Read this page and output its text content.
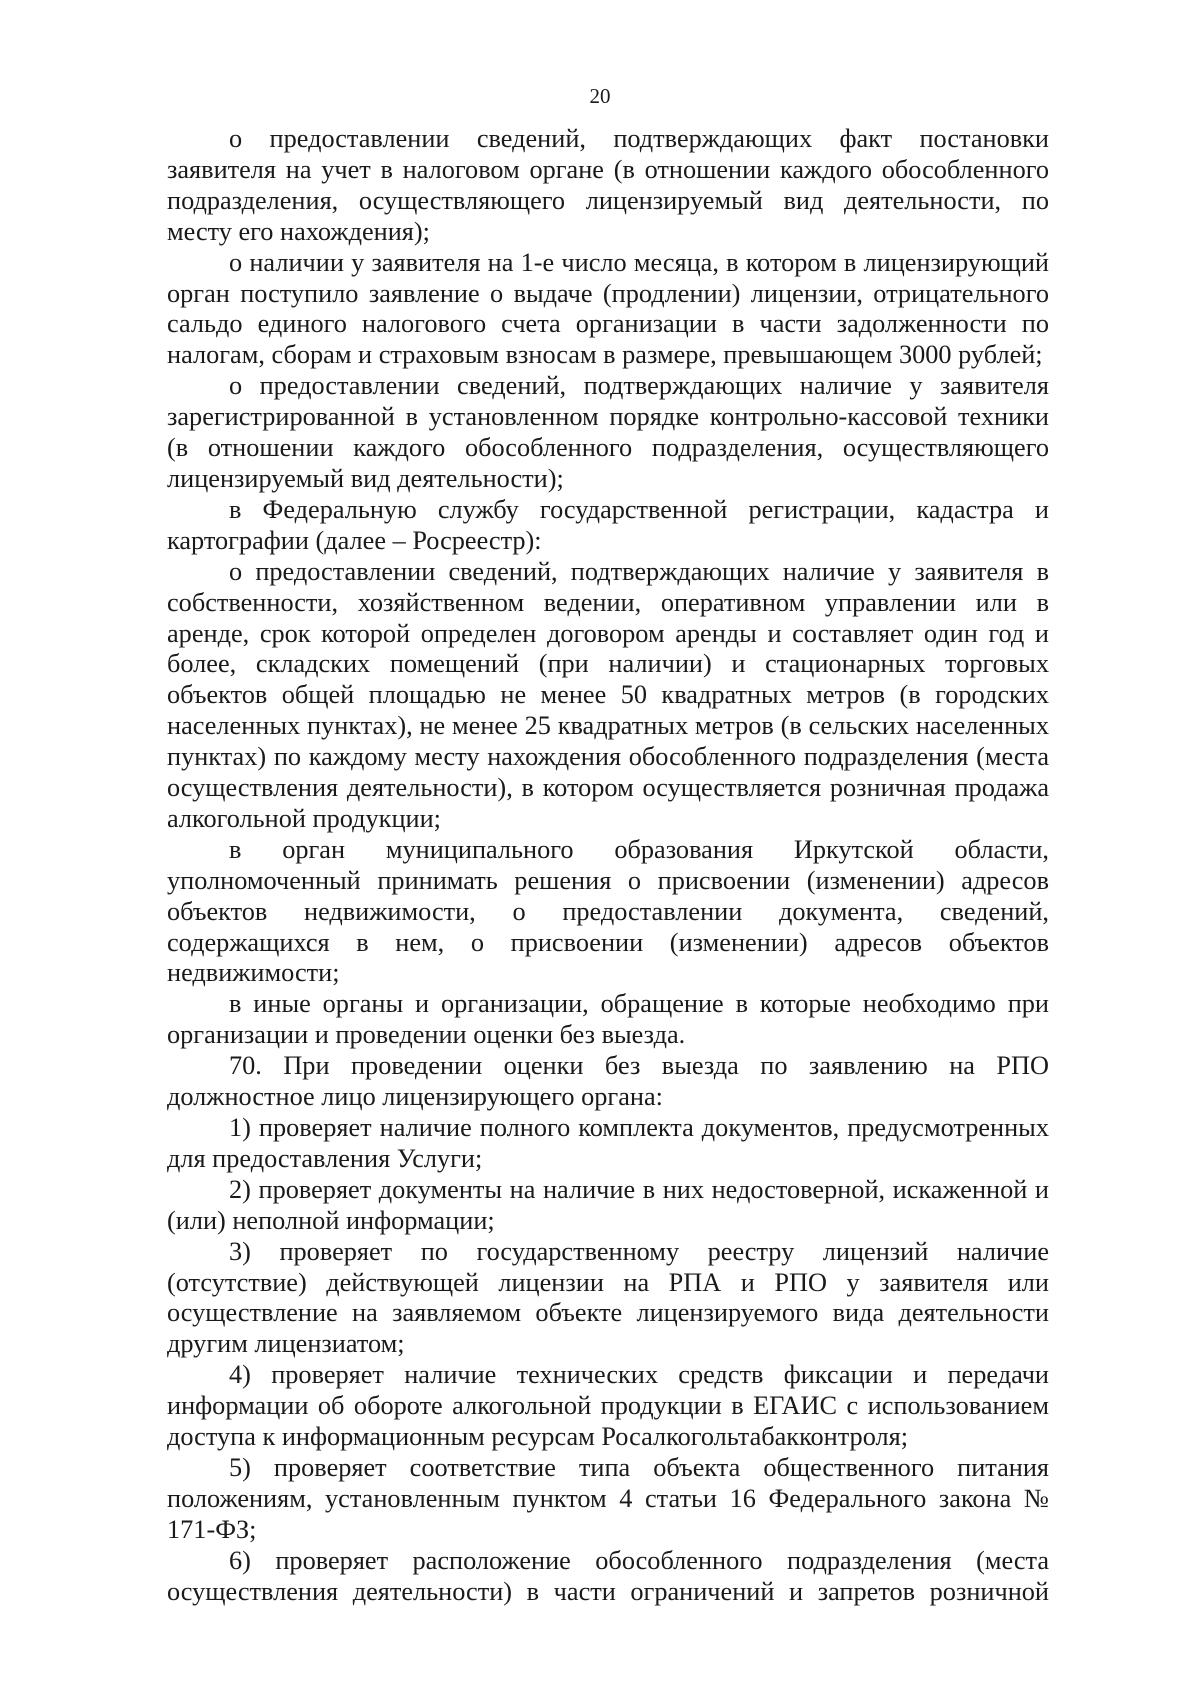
20

о предоставлении сведений, подтверждающих факт постановки заявителя на учет в налоговом органе (в отношении каждого обособленного подразделения, осуществляющего лицензируемый вид деятельности, по месту его нахождения);

о наличии у заявителя на 1-е число месяца, в котором в лицензирующий орган поступило заявление о выдаче (продлении) лицензии, отрицательного сальдо единого налогового счета организации в части задолженности по налогам, сборам и страховым взносам в размере, превышающем 3000 рублей;

о предоставлении сведений, подтверждающих наличие у заявителя зарегистрированной в установленном порядке контрольно-кассовой техники (в отношении каждого обособленного подразделения, осуществляющего лицензируемый вид деятельности);

в Федеральную службу государственной регистрации, кадастра и картографии (далее – Росреестр):

о предоставлении сведений, подтверждающих наличие у заявителя в собственности, хозяйственном ведении, оперативном управлении или в аренде, срок которой определен договором аренды и составляет один год и более, складских помещений (при наличии) и стационарных торговых объектов общей площадью не менее 50 квадратных метров (в городских населенных пунктах), не менее 25 квадратных метров (в сельских населенных пунктах) по каждому месту нахождения обособленного подразделения (места осуществления деятельности), в котором осуществляется розничная продажа алкогольной продукции;

в орган муниципального образования Иркутской области, уполномоченный принимать решения о присвоении (изменении) адресов объектов недвижимости, о предоставлении документа, сведений, содержащихся в нем, о присвоении (изменении) адресов объектов недвижимости;

в иные органы и организации, обращение в которые необходимо при организации и проведении оценки без выезда.

70. При проведении оценки без выезда по заявлению на РПО должностное лицо лицензирующего органа:

1) проверяет наличие полного комплекта документов, предусмотренных для предоставления Услуги;

2) проверяет документы на наличие в них недостоверной, искаженной и (или) неполной информации;

3) проверяет по государственному реестру лицензий наличие (отсутствие) действующей лицензии на РПА и РПО у заявителя или осуществление на заявляемом объекте лицензируемого вида деятельности другим лицензиатом;

4) проверяет наличие технических средств фиксации и передачи информации об обороте алкогольной продукции в ЕГАИС с использованием доступа к информационным ресурсам Росалкогольтабакконтроля;

5) проверяет соответствие типа объекта общественного питания положениям, установленным пунктом 4 статьи 16 Федерального закона № 171-ФЗ;

6) проверяет расположение обособленного подразделения (места осуществления деятельности) в части ограничений и запретов розничной
